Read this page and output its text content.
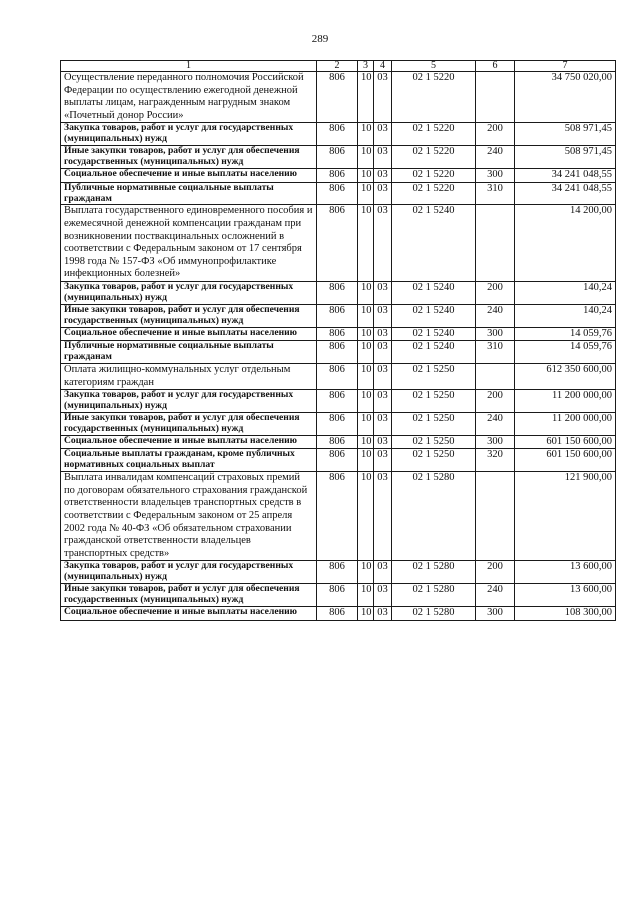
289
1	2	3	4	5	6	7
Осуществление переданного полномочия Российской Федерации по осуществлению ежегодной денежной выплаты лицам, награжденным нагрудным знаком «Почетный донор России»	806	10	03	02 1 5220		34 750 020,00
Закупка товаров, работ и услуг для государственных (муниципальных) нужд	806	10	03	02 1 5220	200	508 971,45
Иные закупки товаров, работ и услуг для обеспечения государственных (муниципальных) нужд	806	10	03	02 1 5220	240	508 971,45
Социальное обеспечение и иные выплаты населению	806	10	03	02 1 5220	300	34 241 048,55
Публичные нормативные социальные выплаты гражданам	806	10	03	02 1 5220	310	34 241 048,55
Выплата государственного единовременного пособия и ежемесячной денежной компенсации гражданам при возникновении поствакцинальных осложнений в соответствии с Федеральным законом от 17 сентября 1998 года № 157-ФЗ «Об иммунопрофилактике инфекционных болезней»	806	10	03	02 1 5240		14 200,00
Закупка товаров, работ и услуг для государственных (муниципальных) нужд	806	10	03	02 1 5240	200	140,24
Иные закупки товаров, работ и услуг для обеспечения государственных (муниципальных) нужд	806	10	03	02 1 5240	240	140,24
Социальное обеспечение и иные выплаты населению	806	10	03	02 1 5240	300	14 059,76
Публичные нормативные социальные выплаты гражданам	806	10	03	02 1 5240	310	14 059,76
Оплата жилищно-коммунальных услуг отдельным категориям граждан	806	10	03	02 1 5250		612 350 600,00
Закупка товаров, работ и услуг для государственных (муниципальных) нужд	806	10	03	02 1 5250	200	11 200 000,00
Иные закупки товаров, работ и услуг для обеспечения государственных (муниципальных) нужд	806	10	03	02 1 5250	240	11 200 000,00
Социальное обеспечение и иные выплаты населению	806	10	03	02 1 5250	300	601 150 600,00
Социальные выплаты гражданам, кроме публичных нормативных социальных выплат	806	10	03	02 1 5250	320	601 150 600,00
Выплата инвалидам компенсаций страховых премий по договорам обязательного страхования гражданской ответственности владельцев транспортных средств в соответствии с Федеральным законом от 25 апреля 2002 года № 40-ФЗ «Об обязательном страховании гражданской ответственности владельцев транспортных средств»	806	10	03	02 1 5280		121 900,00
Закупка товаров, работ и услуг для государственных (муниципальных) нужд	806	10	03	02 1 5280	200	13 600,00
Иные закупки товаров, работ и услуг для обеспечения государственных (муниципальных) нужд	806	10	03	02 1 5280	240	13 600,00
Социальное обеспечение и иные выплаты населению	806	10	03	02 1 5280	300	108 300,00
